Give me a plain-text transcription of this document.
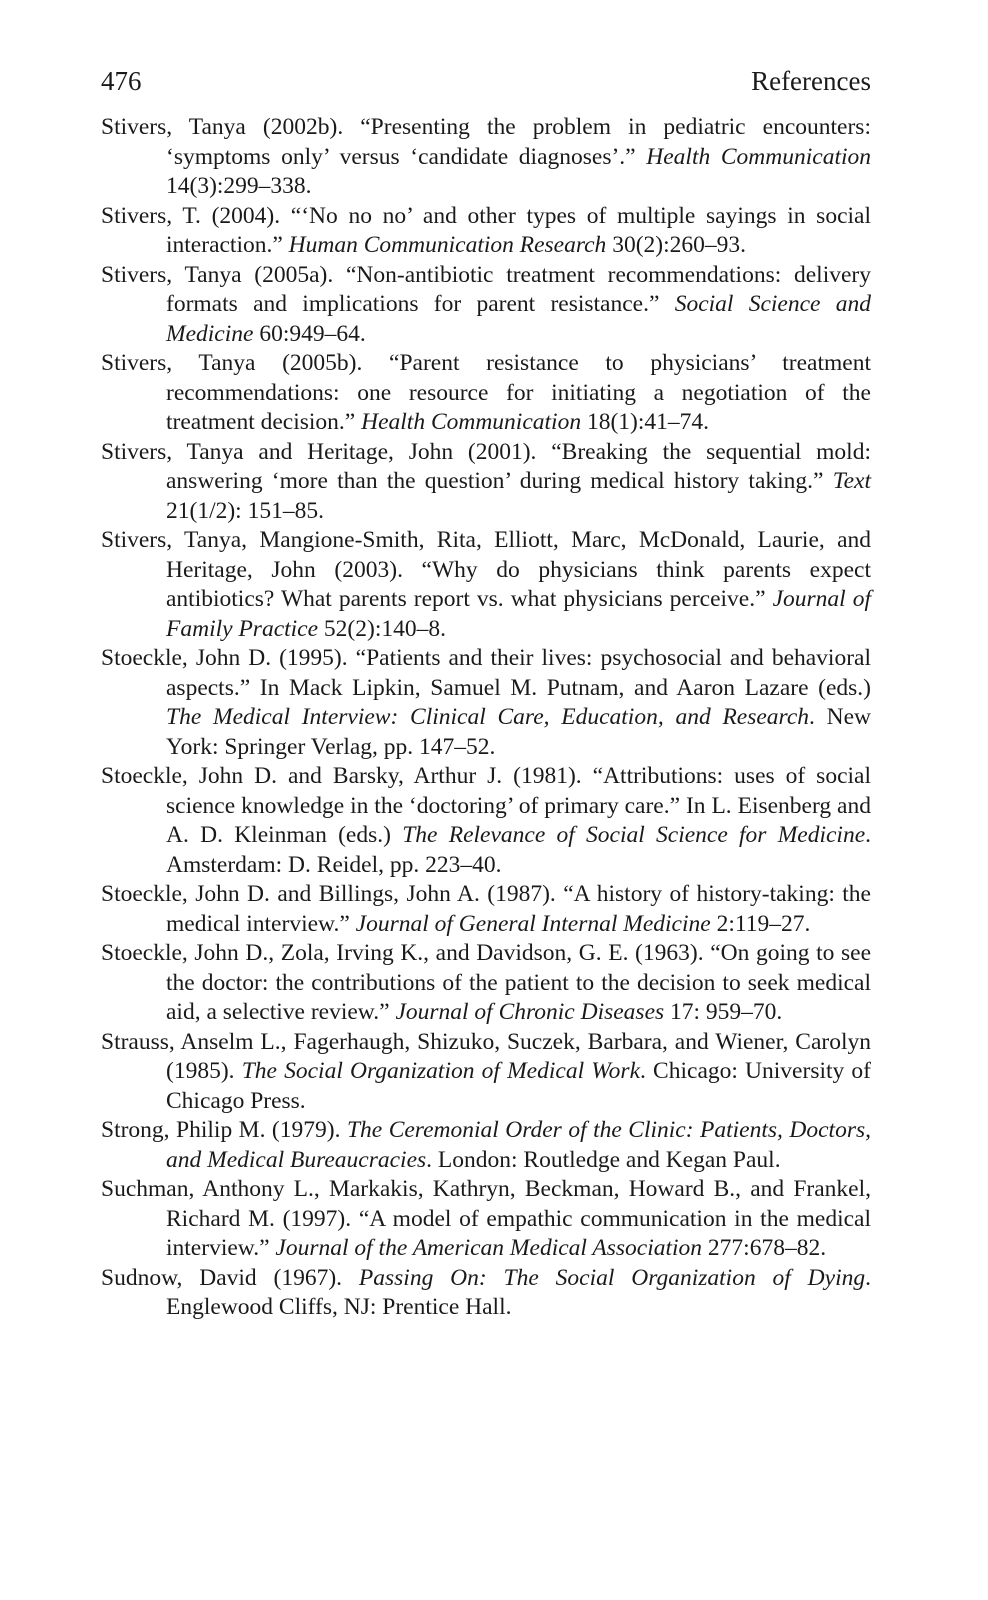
476	References
Stivers, Tanya (2002b). “Presenting the problem in pediatric encounters: ‘symptoms only’ versus ‘candidate diagnoses’.” Health Communication 14(3):299–338.
Stivers, T. (2004). “‘No no no’ and other types of multiple sayings in social interaction.” Human Communication Research 30(2):260–93.
Stivers, Tanya (2005a). “Non-antibiotic treatment recommendations: delivery formats and implications for parent resistance.” Social Science and Medicine 60:949–64.
Stivers, Tanya (2005b). “Parent resistance to physicians’ treatment recommendations: one resource for initiating a negotiation of the treatment decision.” Health Communication 18(1):41–74.
Stivers, Tanya and Heritage, John (2001). “Breaking the sequential mold: answering ‘more than the question’ during medical history taking.” Text 21(1/2): 151–85.
Stivers, Tanya, Mangione-Smith, Rita, Elliott, Marc, McDonald, Laurie, and Heritage, John (2003). “Why do physicians think parents expect antibiotics? What parents report vs. what physicians perceive.” Journal of Family Practice 52(2):140–8.
Stoeckle, John D. (1995). “Patients and their lives: psychosocial and behavioral aspects.” In Mack Lipkin, Samuel M. Putnam, and Aaron Lazare (eds.) The Medical Interview: Clinical Care, Education, and Research. New York: Springer Verlag, pp. 147–52.
Stoeckle, John D. and Barsky, Arthur J. (1981). “Attributions: uses of social science knowledge in the ‘doctoring’ of primary care.” In L. Eisenberg and A. D. Kleinman (eds.) The Relevance of Social Science for Medicine. Amsterdam: D. Reidel, pp. 223–40.
Stoeckle, John D. and Billings, John A. (1987). “A history of history-taking: the medical interview.” Journal of General Internal Medicine 2:119–27.
Stoeckle, John D., Zola, Irving K., and Davidson, G. E. (1963). “On going to see the doctor: the contributions of the patient to the decision to seek medical aid, a selective review.” Journal of Chronic Diseases 17: 959–70.
Strauss, Anselm L., Fagerhaugh, Shizuko, Suczek, Barbara, and Wiener, Carolyn (1985). The Social Organization of Medical Work. Chicago: University of Chicago Press.
Strong, Philip M. (1979). The Ceremonial Order of the Clinic: Patients, Doctors, and Medical Bureaucracies. London: Routledge and Kegan Paul.
Suchman, Anthony L., Markakis, Kathryn, Beckman, Howard B., and Frankel, Richard M. (1997). “A model of empathic communication in the medical interview.” Journal of the American Medical Association 277:678–82.
Sudnow, David (1967). Passing On: The Social Organization of Dying. Englewood Cliffs, NJ: Prentice Hall.
